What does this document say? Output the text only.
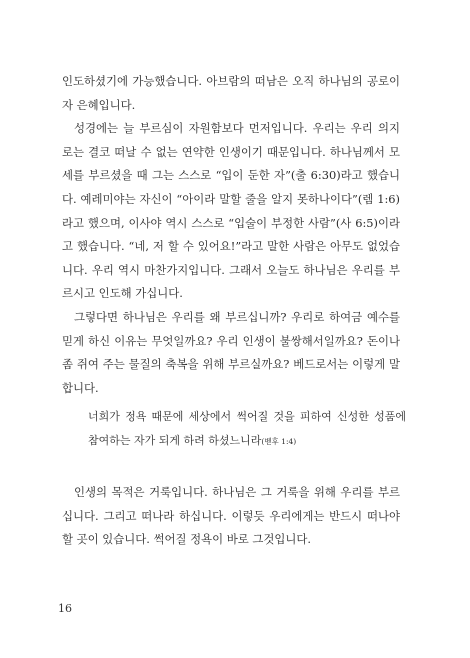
인도하셨기에 가능했습니다. 아브람의 떠남은 오직 하나님의 공로이자 은혜입니다.

성경에는 늘 부르심이 자원함보다 먼저입니다. 우리는 우리 의지로는 결코 떠날 수 없는 연약한 인생이기 때문입니다. 하나님께서 모세를 부르셨을 때 그는 스스로 “입이 둔한 자”(출 6:30)라고 했습니다. 예레미야는 자신이 “아이라 말할 줄을 알지 못하나이다”(렘 1:6)라고 했으며, 이사야 역시 스스로 “입술이 부정한 사람”(사 6:5)이라고 했습니다. “네, 저 할 수 있어요!”라고 말한 사람은 아무도 없었습니다. 우리 역시 마찬가지입니다. 그래서 오늘도 하나님은 우리를 부르시고 인도해 가십니다.

그렇다면 하나님은 우리를 왜 부르십니까? 우리로 하여금 예수를 믿게 하신 이유는 무엇일까요? 우리 인생이 불쌍해서일까요? 돈이나 좀 쥐여 주는 물질의 축복을 위해 부르실까요? 베드로서는 이렇게 말합니다.

너희가 정욕 때문에 세상에서 썩어질 것을 피하여 신성한 성품에 참여하는 자가 되게 하려 하셨느니라(벧후 1:4)

인생의 목적은 거룩입니다. 하나님은 그 거룩을 위해 우리를 부르십니다. 그리고 떠나라 하십니다. 이렇듯 우리에게는 반드시 떠나야 할 곳이 있습니다. 썩어질 정욕이 바로 그것입니다.

16
